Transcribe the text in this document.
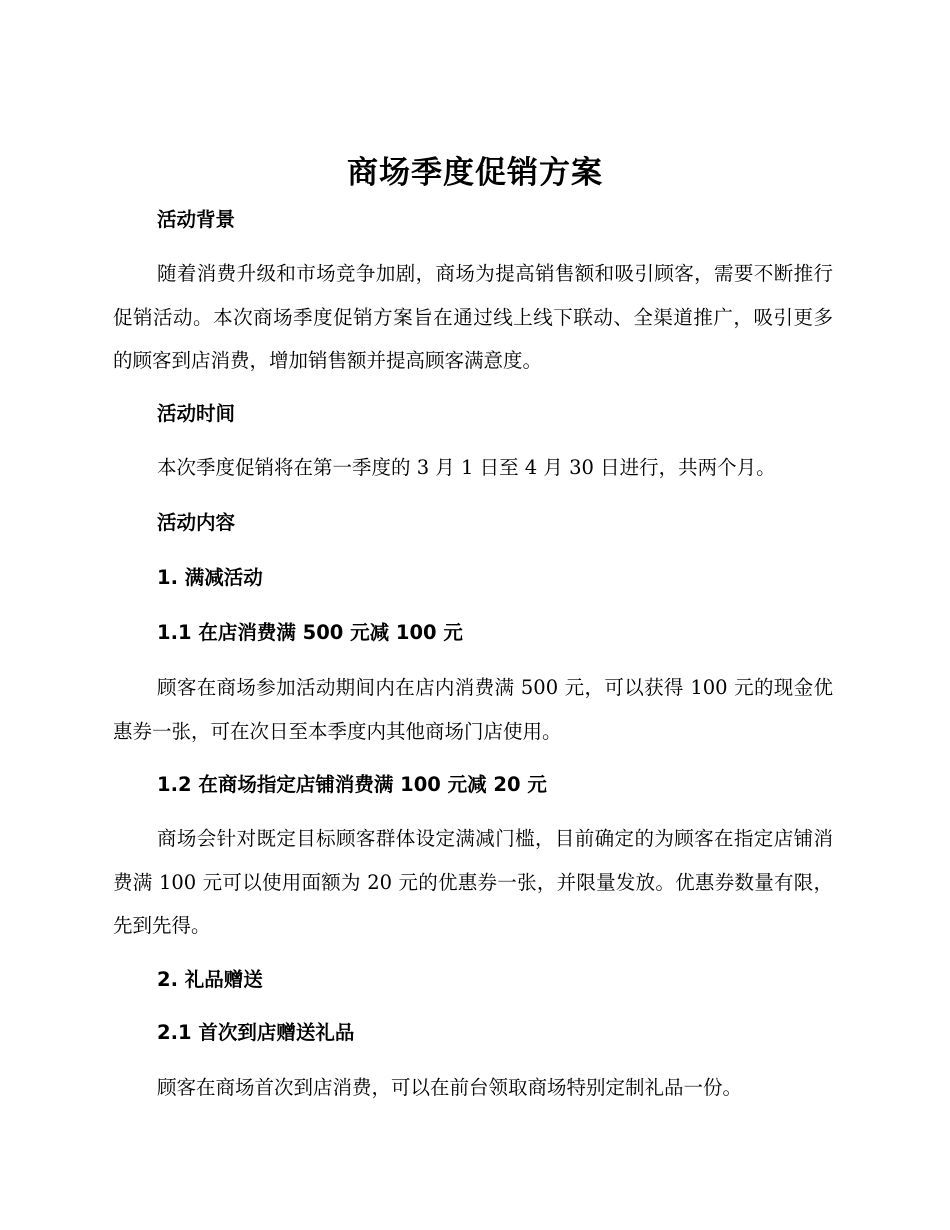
商场季度促销方案
活动背景
随着消费升级和市场竞争加剧，商场为提高销售额和吸引顾客，需要不断推行促销活动。本次商场季度促销方案旨在通过线上线下联动、全渠道推广，吸引更多的顾客到店消费，增加销售额并提高顾客满意度。
活动时间
本次季度促销将在第一季度的 3 月 1 日至 4 月 30 日进行，共两个月。
活动内容
1. 满减活动
1.1 在店消费满 500 元减 100 元
顾客在商场参加活动期间内在店内消费满 500 元，可以获得 100 元的现金优惠券一张，可在次日至本季度内其他商场门店使用。
1.2 在商场指定店铺消费满 100 元减 20 元
商场会针对既定目标顾客群体设定满减门槛，目前确定的为顾客在指定店铺消费满 100 元可以使用面额为 20 元的优惠券一张，并限量发放。优惠券数量有限，先到先得。
2. 礼品赠送
2.1 首次到店赠送礼品
顾客在商场首次到店消费，可以在前台领取商场特别定制礼品一份。
